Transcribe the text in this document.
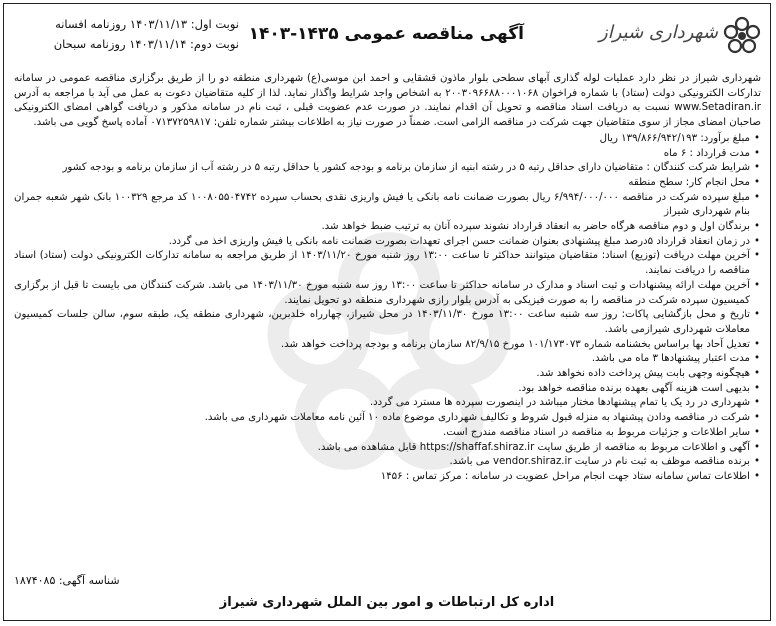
شهرداری شیراز
آگهی مناقصه عمومی ۱۴۳۵-۱۴۰۳
نوبت اول: ۱۴۰۳/۱۱/۱۳ روزنامه افسانه
نوبت دوم: ۱۴۰۳/۱۱/۱۴ روزنامه سبحان

شهرداری شیراز در نظر دارد عملیات لوله گذاری آبهای سطحی بلوار ماذون قشقایی و احمد ابن موسی(ع) شهرداری منطقه دو را از طریق برگزاری مناقصه عمومی در سامانه تدارکات الکترونیکی دولت (ستاد) با شماره فراخوان ۲۰۰۳۰۹۶۶۸۸۰۰۰۱۰۶۸ به اشخاص واجد شرایط واگذار نماید. لذا از کلیه متقاضیان دعوت به عمل می آید با مراجعه به آدرس www.Setadiran.ir نسبت به دریافت اسناد مناقصه و تحویل آن اقدام نمایند. در صورت عدم عضویت قبلی ، ثبت نام در سامانه مذکور و دریافت گواهی امضای الکترونیکی صاحبان امضای مجاز از سوی متقاضیان جهت شرکت در مناقصه الزامی است. ضمناً در صورت نیاز به اطلاعات بیشتر شماره تلفن: ۰۷۱۳۷۲۵۹۸۱۷ آماده پاسخ گویی می باشد.

• مبلغ برآورد: ۱۳۹/۸۶۶/۹۴۲/۱۹۳ ریال
• مدت قرارداد : ۶ ماه
• شرایط شرکت کنندگان : متقاضیان دارای حداقل رتبه ۵ در رشته ابنیه از سازمان برنامه و بودجه کشور یا حداقل رتبه ۵ در رشته آب از سازمان برنامه و بودجه کشور
• محل انجام کار: سطح منطقه
• مبلغ سپرده شرکت در مناقصه ۶/۹۹۴/۰۰۰/۰۰۰ ریال بصورت ضمانت نامه بانکی یا فیش واریزی نقدی بحساب سپرده ۱۰۰۸۰۵۵۰۴۷۴۲ کد مرجع ۱۰۰۳۲۹ بانک شهر شعبه جمران بنام شهرداری شیراز
• برندگان اول و دوم مناقصه هرگاه حاضر به انعقاد قرارداد نشوند سپرده آنان به ترتیب ضبط خواهد شد.
• در زمان انعقاد قرارداد ۵درصد مبلغ پیشنهادی بعنوان ضمانت حسن اجرای تعهدات بصورت ضمانت نامه بانکی یا فیش واریزی اخذ می گردد.
• آخرین مهلت دریافت (توزیع) اسناد: متقاضیان میتوانند حداکثر تا ساعت ۱۳:۰۰ روز شنبه مورخ ۱۴۰۳/۱۱/۲۰ از طریق مراجعه به سامانه تدارکات الکترونیکی دولت (ستاد) اسناد مناقصه را دریافت نمایند.
• آخرین مهلت ارائه پیشنهادات و ثبت اسناد و مدارک در سامانه حداکثر تا ساعت ۱۳:۰۰ روز سه شنبه مورخ ۱۴۰۳/۱۱/۳۰ می باشد. شرکت کنندگان می بایست تا قبل از برگزاری کمیسیون سپرده شرکت در مناقصه را به صورت فیزیکی به آدرس بلوار رازی شهرداری منطقه دو تحویل نمایند.
• تاریخ و محل بازگشایی پاکات: روز سه شنبه ساعت ۱۳:۰۰ مورخ ۱۴۰۳/۱۱/۳۰ در محل شیراز، چهارراه خلدبرین، شهرداری منطقه یک، طبقه سوم، سالن جلسات کمیسیون معاملات شهرداری شیرازمی باشد.
• تعدیل آحاد بها براساس بخشنامه شماره ۱۰۱/۱۷۳۰۷۳ مورخ ۸۲/۹/۱۵ سازمان برنامه و بودجه پرداخت خواهد شد.
• مدت اعتبار پیشنهادها ۳ ماه می باشد.
• هیچگونه وجهی بابت پیش پرداخت داده نخواهد شد.
• بدیهی است هزینه آگهی بعهده برنده مناقصه خواهد بود.
• شهرداری در رد یک یا تمام پیشنهادها مختار میباشد در اینصورت سپرده ها مسترد می گردد.
• شرکت در مناقصه ودادن پیشنهاد به منزله قبول شروط و تکالیف شهرداری موضوع ماده ۱۰ آئین نامه معاملات شهرداری می باشد.
• سایر اطلاعات و جزئیات مربوط به مناقصه در اسناد مناقصه مندرج است.
• آگهی و اطلاعات مربوط به مناقصه از طریق سایت https://shaffaf.shiraz.ir قابل مشاهده می باشد.
• برنده مناقصه موظف به ثبت نام در سایت vendor.shiraz.ir می باشد.
• اطلاعات تماس سامانه ستاد جهت انجام مراحل عضویت در سامانه : مرکز تماس : ۱۴۵۶
شناسه آگهی: ۱۸۷۴۰۸۵
اداره کل ارتباطات و امور بین الملل شهرداری شیراز
